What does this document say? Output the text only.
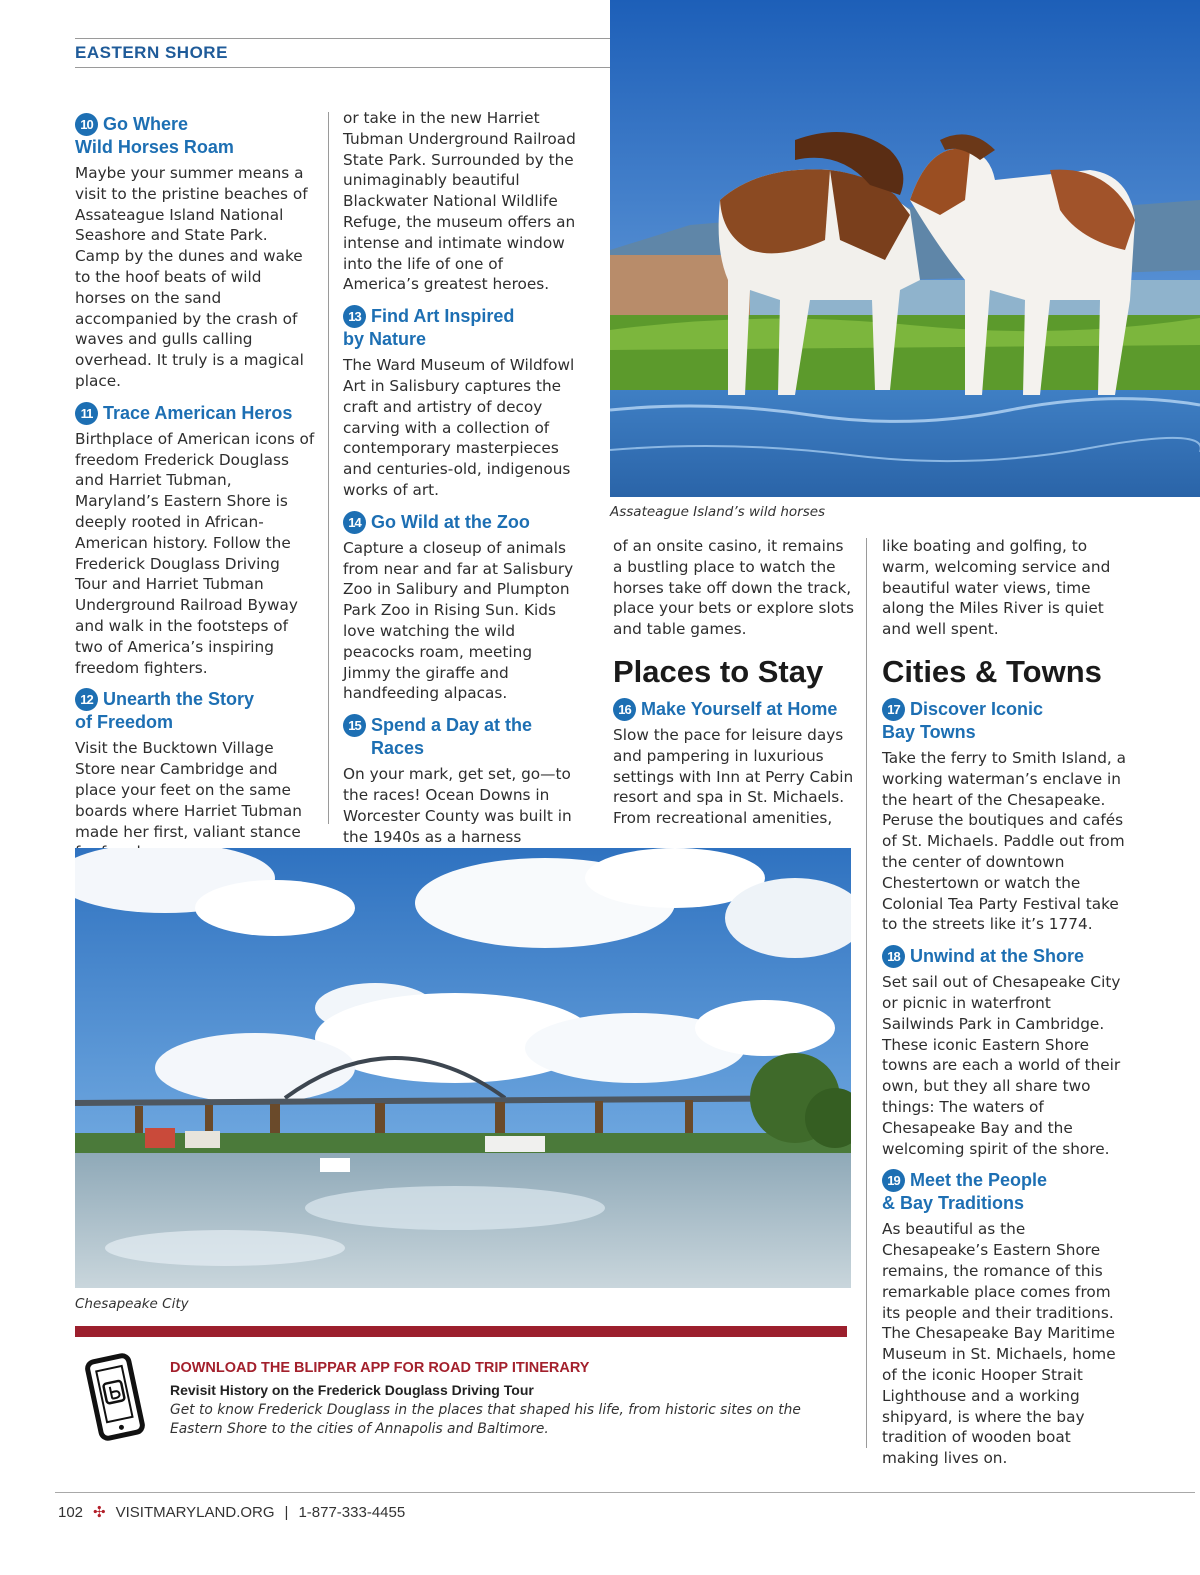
EASTERN SHORE
Assateague Island’s wild horses
10 Go Where
Wild Horses Roam

Maybe your summer means a visit to the pristine beaches of Assateague Island National Seashore and State Park. Camp by the dunes and wake to the hoof beats of wild horses on the sand accompanied by the crash of waves and gulls calling overhead. It truly is a magical place.

11 Trace American Heros

Birthplace of American icons of freedom Frederick Douglass and Harriet Tubman, Maryland’s Eastern Shore is deeply rooted in African-American history. Follow the Frederick Douglass Driving Tour and Harriet Tubman Underground Railroad Byway and walk in the footsteps of two of America’s inspiring freedom fighters.

12 Unearth the Story
of Freedom

Visit the Bucktown Village Store near Cambridge and place your feet on the same boards where Harriet Tubman made her first, valiant stance

or take in the new Harriet Tubman Underground Railroad State Park. Surrounded by the unimaginably beautiful Blackwater National Wildlife Refuge, the museum offers an intense and intimate window into the life of one of America’s greatest heroes.

13 Find Art Inspired
by Nature

The Ward Museum of Wildfowl Art in Salisbury captures the craft and artistry of decoy carving with a collection of contemporary masterpieces and centuries-old, indigenous works of art.

14 Go Wild at the Zoo

Capture a closeup of animals from near and far at Salisbury Zoo in Salibury and Plumpton Park Zoo in Rising Sun. Kids love watching the wild peacocks roam, meeting Jimmy the giraffe and handfeeding alpacas.

15 Spend a Day at the Races

On your mark, get set, go—to the races! Ocean Downs in Worcester County was built in the 1940s as a harness

of an onsite casino, it remains a bustling place to watch the horses take off down the track, place your bets or explore slots and table games.

Places to Stay
16 Make Yourself at Home

Slow the pace for leisure days and pampering in luxurious settings with Inn at Perry Cabin resort and spa in St. Michaels. From recreational amenities,

like boating and golfing, to warm, welcoming service and beautiful water views, time along the Miles River is quiet and well spent.

Cities & Towns
17 Discover Iconic
Bay Towns

Take the ferry to Smith Island, a working waterman’s enclave in the heart of the Chesapeake. Peruse the boutiques and cafés of St. Michaels. Paddle out from the center of downtown Chestertown or watch the Colonial Tea Party Festival take to the streets like it’s 1774.

18 Unwind at the Shore

Set sail out of Chesapeake City or picnic in waterfront Sailwinds Park in Cambridge. These iconic Eastern Shore towns are each a world of their own, but they all share two things: The waters of Chesapeake Bay and the welcoming spirit of the shore.

19 Meet the People
& Bay Traditions

As beautiful as the Chesapeake’s Eastern Shore remains, the romance of this remarkable place comes from its people and their traditions. The Chesapeake Bay Maritime Museum in St. Michaels, home of the iconic Hooper Strait Lighthouse and a working shipyard, is where the bay tradition of wooden boat making lives on.

Chesapeake City
DOWNLOAD THE BLIPPAR APP FOR ROAD TRIP ITINERARY
Revisit History on the Frederick Douglass Driving Tour
Get to know Frederick Douglass in the places that shaped his life, from historic sites on the Eastern Shore to the cities of Annapolis and Baltimore.
102 ✣ VISITMARYLAND.ORG | 1-877-333-4455
